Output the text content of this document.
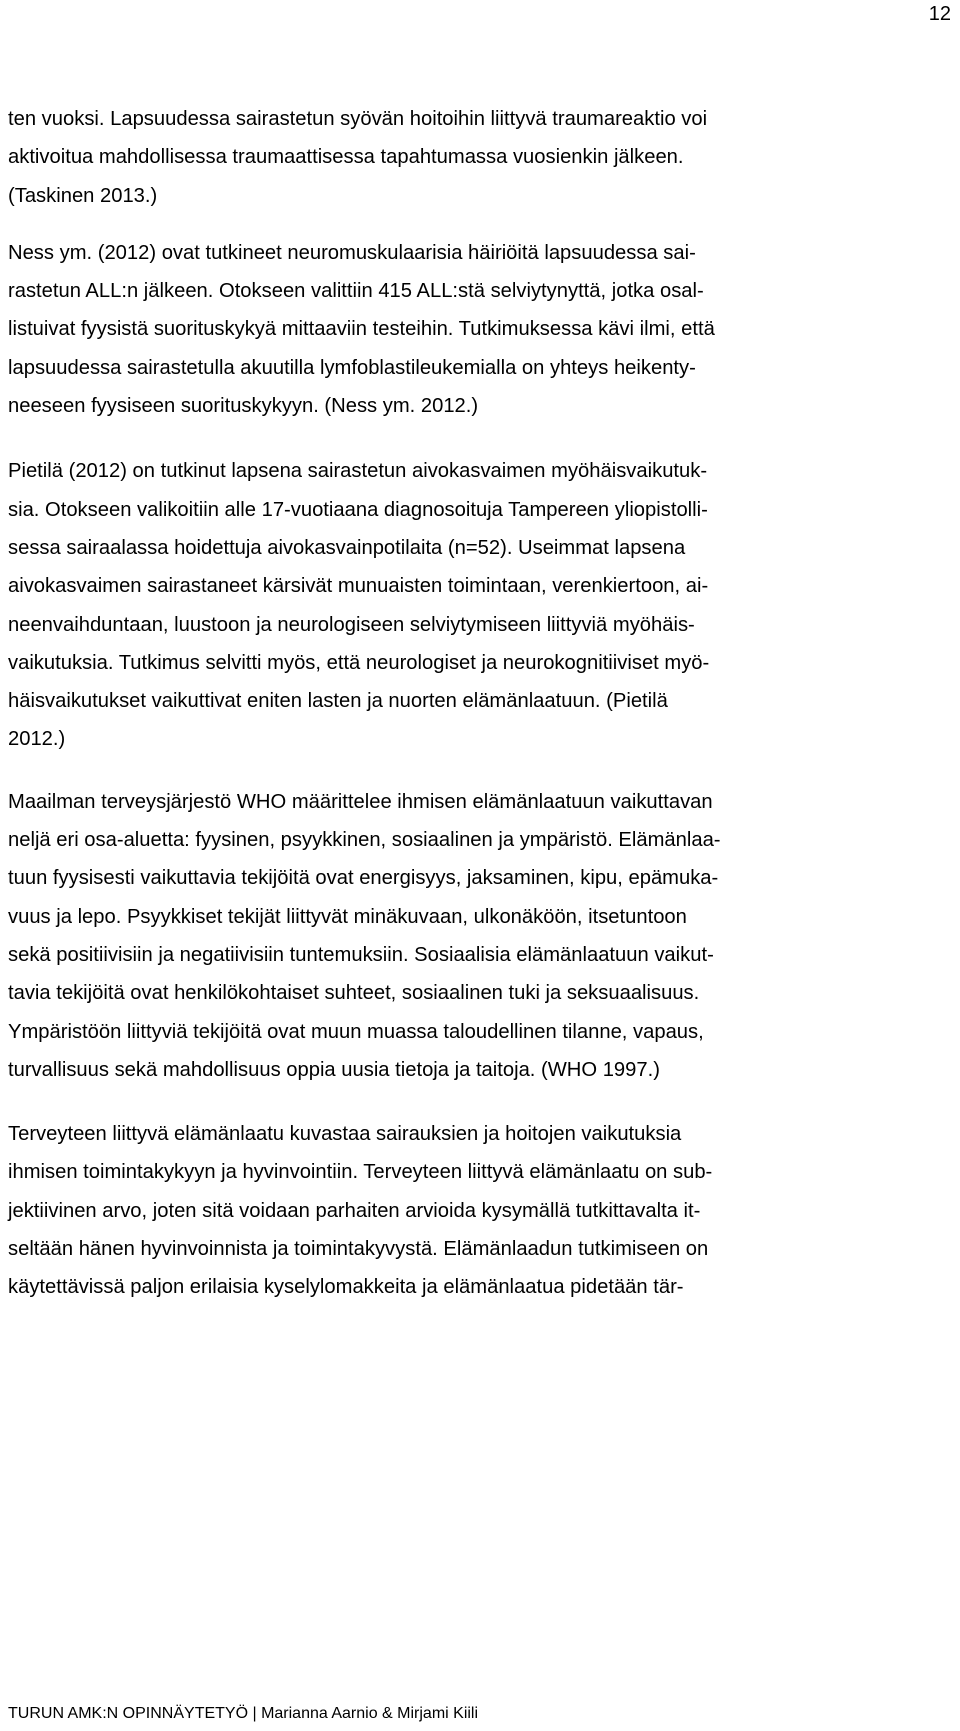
12

ten vuoksi. Lapsuudessa sairastetun syövän hoitoihin liittyvä traumareaktio voi
aktivoitua mahdollisessa traumaattisessa tapahtumassa vuosienkin jälkeen.
(Taskinen 2013.)

Ness ym. (2012) ovat tutkineet neuromuskulaarisia häiriöitä lapsuudessa sai-
rastetun ALL:n jälkeen. Otokseen valittiin 415 ALL:stä selviytynyttä, jotka osal-
listuivat fyysistä suorituskykyä mittaaviin testeihin. Tutkimuksessa kävi ilmi, että
lapsuudessa sairastetulla akuutilla lymfoblastileukemialla on yhteys heikenty-
neeseen fyysiseen suorituskykyyn. (Ness ym. 2012.)

Pietilä (2012) on tutkinut lapsena sairastetun aivokasvaimen myöhäisvaikutuk-
sia. Otokseen valikoitiin alle 17-vuotiaana diagnosoituja Tampereen yliopistolli-
sessa sairaalassa hoidettuja aivokasvainpotilaita (n=52). Useimmat lapsena
aivokasvaimen sairastaneet kärsivät munuaisten toimintaan, verenkiertoon, ai-
neenvaihduntaan, luustoon ja neurologiseen selviytymiseen liittyviä myöhäis-
vaikutuksia. Tutkimus selvitti myös, että neurologiset ja neurokognitiiviset myö-
häisvaikutukset vaikuttivat eniten lasten ja nuorten elämänlaatuun. (Pietilä
2012.)

Maailman terveysjärjestö WHO määrittelee ihmisen elämänlaatuun vaikuttavan
neljä eri osa-aluetta: fyysinen, psyykkinen, sosiaalinen ja ympäristö. Elämänlaa-
tuun fyysisesti vaikuttavia tekijöitä ovat energisyys, jaksaminen, kipu, epämuka-
vuus ja lepo. Psyykkiset tekijät liittyvät minäkuvaan, ulkonäköön, itsetuntoon
sekä positiivisiin ja negatiivisiin tuntemuksiin. Sosiaalisia elämänlaatuun vaikut-
tavia tekijöitä ovat henkilökohtaiset suhteet, sosiaalinen tuki ja seksuaalisuus.
Ympäristöön liittyviä tekijöitä ovat muun muassa taloudellinen tilanne, vapaus,
turvallisuus sekä mahdollisuus oppia uusia tietoja ja taitoja. (WHO 1997.)

Terveyteen liittyvä elämänlaatu kuvastaa sairauksien ja hoitojen vaikutuksia
ihmisen toimintakykyyn ja hyvinvointiin. Terveyteen liittyvä elämänlaatu on sub-
jektiivinen arvo, joten sitä voidaan parhaiten arvioida kysymällä tutkittavalta it-
seltään hänen hyvinvoinnista ja toimintakyvystä. Elämänlaadun tutkimiseen on
käytettävissä paljon erilaisia kyselylomakkeita ja elämänlaatua pidetään tär-

TURUN AMK:N OPINNÄYTETYÖ | Marianna Aarnio & Mirjami Kiili
